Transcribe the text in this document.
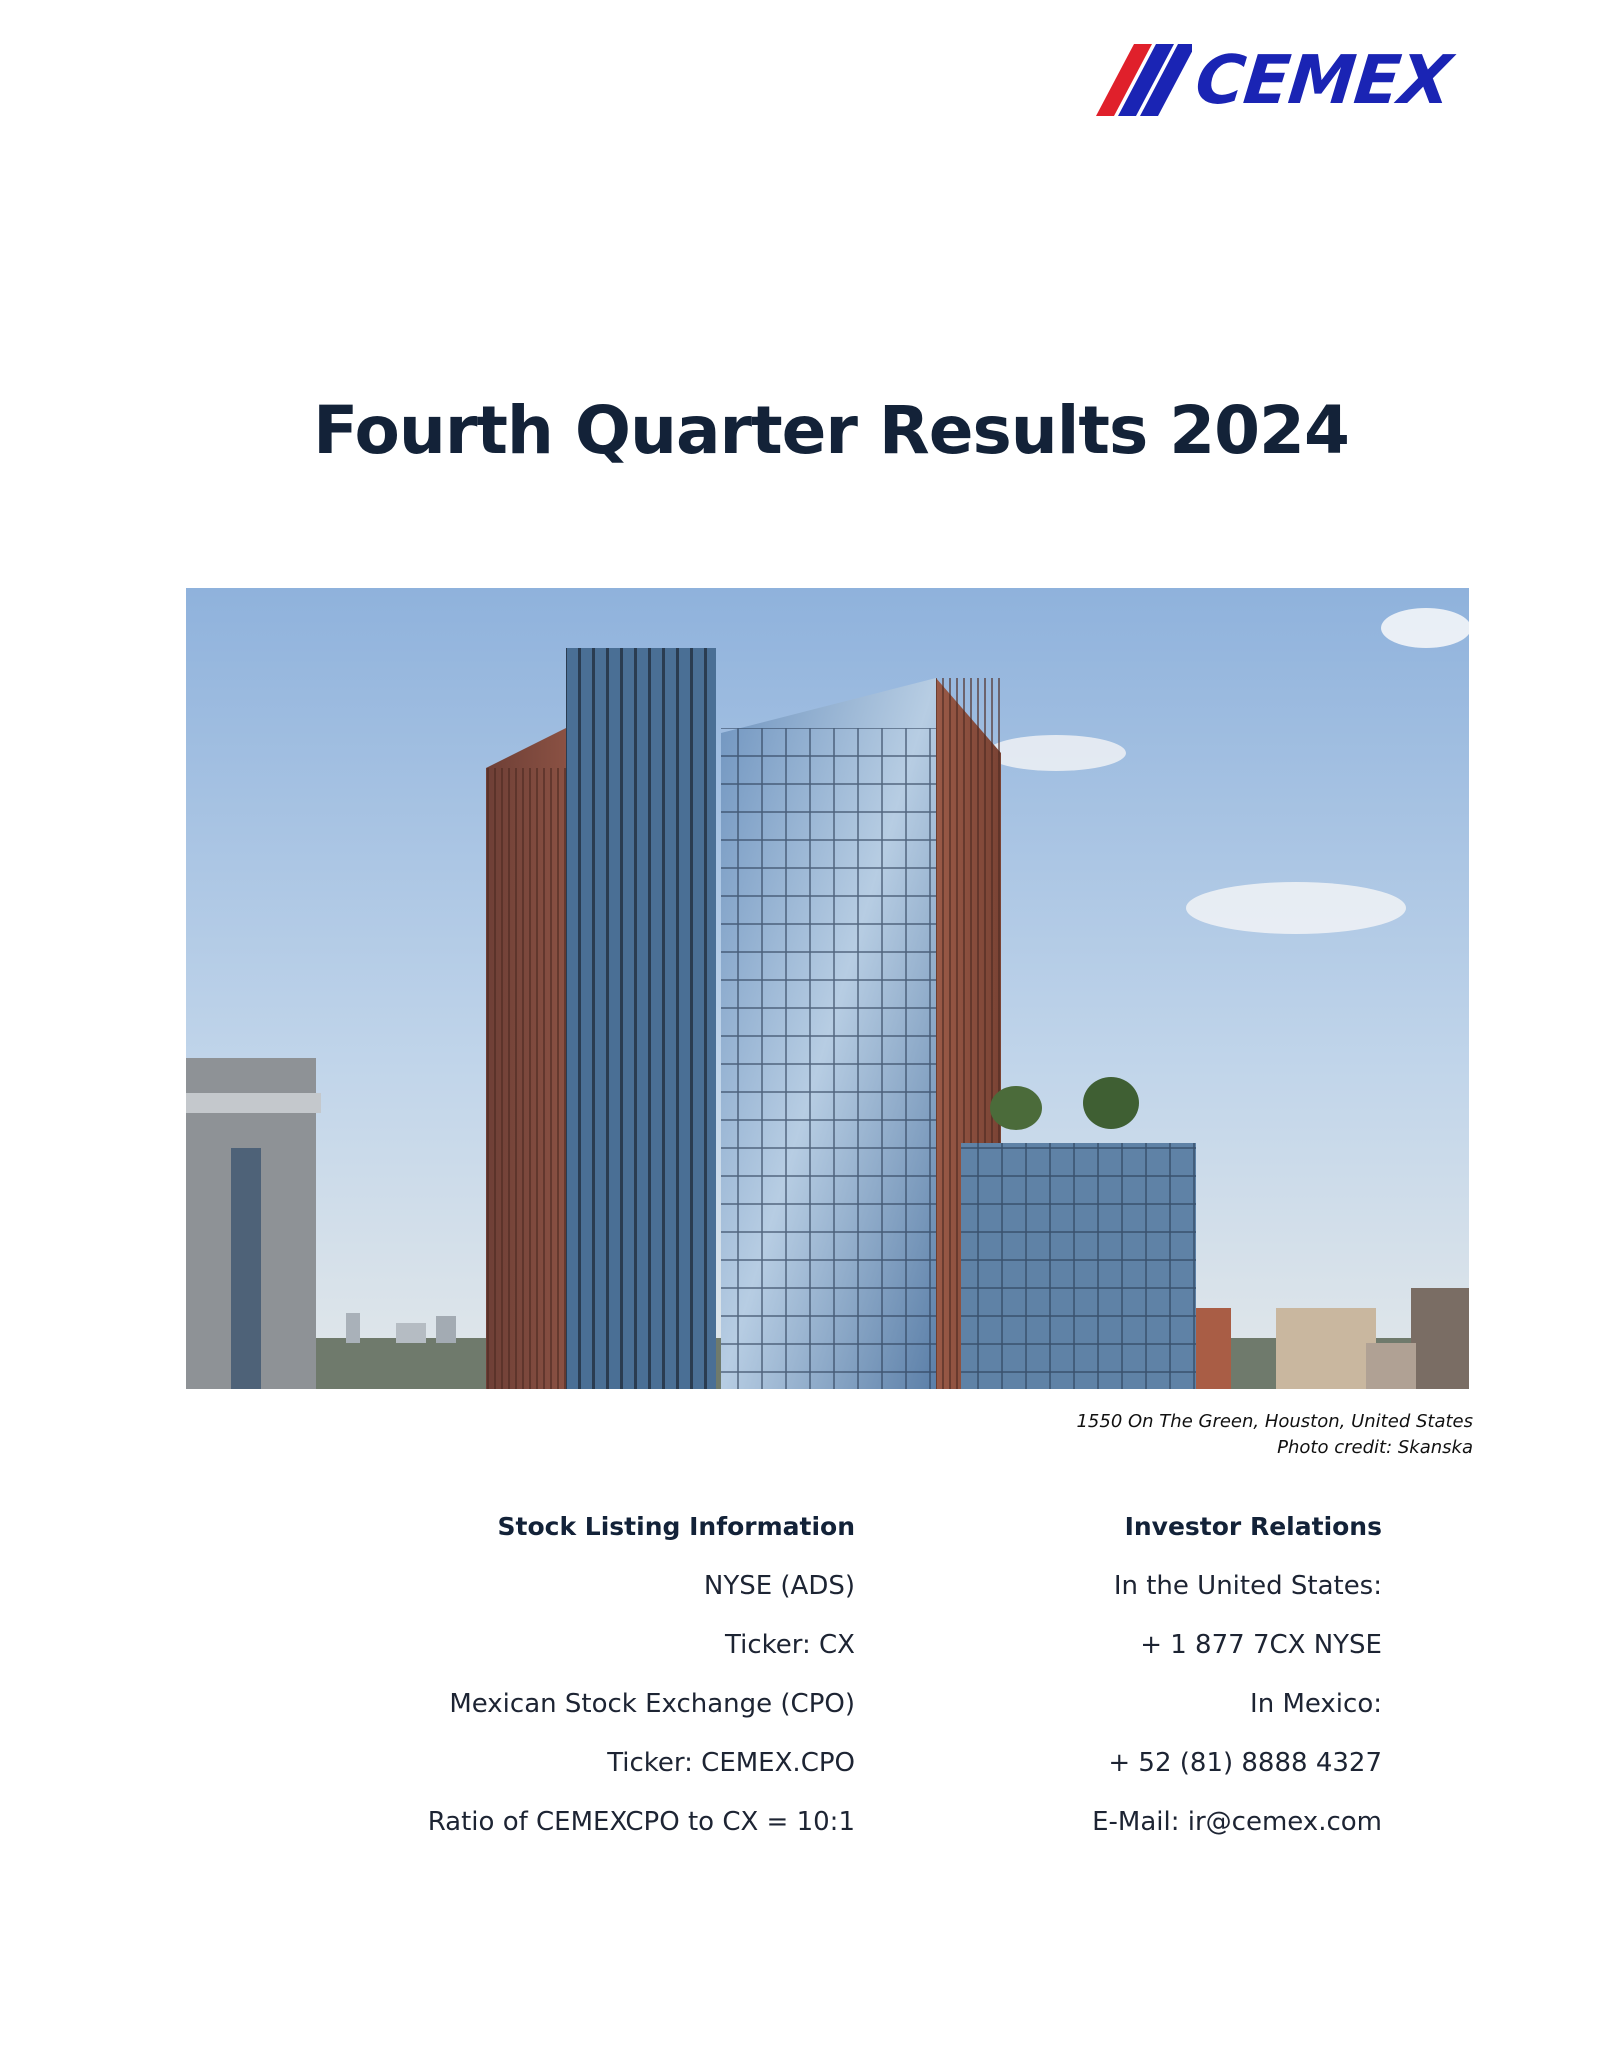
CEMEX
Fourth Quarter Results 2024
1550 On The Green, Houston, United States
Photo credit: Skanska
Stock Listing Information
NYSE (ADS)
Ticker: CX
Mexican Stock Exchange (CPO)
Ticker: CEMEX.CPO
Ratio of CEMEXCPO to CX = 10:1
Investor Relations
In the United States:
+ 1 877 7CX NYSE
In Mexico:
+ 52 (81) 8888 4327
E-Mail: ir@cemex.com
